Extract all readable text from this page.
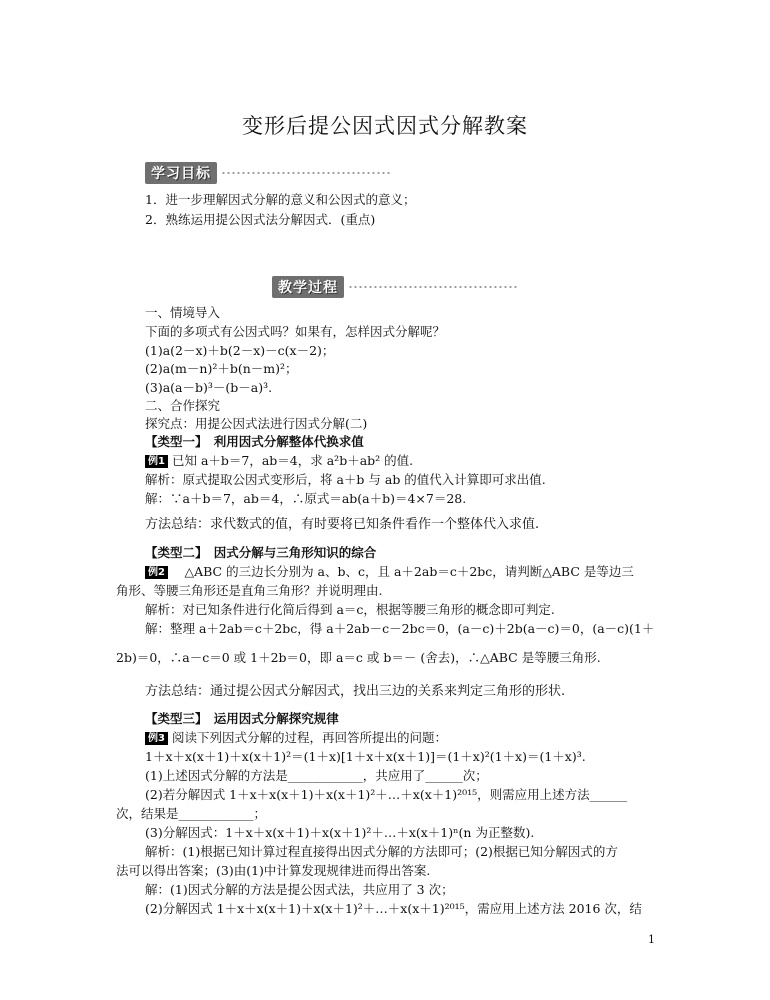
变形后提公因式因式分解教案
学习目标
1．进一步理解因式分解的意义和公因式的意义；
2．熟练运用提公因式法分解因式．(重点)
教学过程
一、情境导入
下面的多项式有公因式吗？如果有，怎样因式分解呢？
(1)a(2－x)＋b(2－x)－c(x－2)；
(2)a(m－n)²＋b(n－m)²；
(3)a(a－b)³－(b－a)³.
二、合作探究
探究点：用提公因式法进行因式分解(二)
【类型一】　利用因式分解整体代换求值
例1 已知 a＋b＝7，ab＝4，求 a²b＋ab² 的值.
解析：原式提取公因式变形后，将 a＋b 与 ab 的值代入计算即可求出值.
解：∵a＋b＝7，ab＝4，∴原式＝ab(a＋b)＝4×7＝28.
方法总结：求代数式的值，有时要将已知条件看作一个整体代入求值.
【类型二】　因式分解与三角形知识的综合
例2　△ABC 的三边长分别为 a、b、c，且 a＋2ab＝c＋2bc，请判断△ABC 是等边三
角形、等腰三角形还是直角三角形？并说明理由.
解析：对已知条件进行化简后得到 a＝c，根据等腰三角形的概念即可判定.
解：整理 a＋2ab＝c＋2bc，得 a＋2ab－c－2bc＝0，(a－c)＋2b(a－c)＝0，(a－c)(1＋
2b)＝0，∴a－c＝0 或 1＋2b＝0，即 a＝c 或 b＝－ (舍去)，∴△ABC 是等腰三角形.
方法总结：通过提公因式分解因式，找出三边的关系来判定三角形的形状.
【类型三】　运用因式分解探究规律
例3 阅读下列因式分解的过程，再回答所提出的问题：
1＋x＋x(x＋1)＋x(x＋1)²＝(1＋x)[1＋x＋x(x＋1)]＝(1＋x)²(1＋x)＝(1＋x)³.
(1)上述因式分解的方法是____________，共应用了______次；
(2)若分解因式 1＋x＋x(x＋1)＋x(x＋1)²＋…＋x(x＋1)²⁰¹⁵，则需应用上述方法______
次，结果是____________；
(3)分解因式：1＋x＋x(x＋1)＋x(x＋1)²＋…＋x(x＋1)ⁿ(n 为正整数).
解析：(1)根据已知计算过程直接得出因式分解的方法即可；(2)根据已知分解因式的方
法可以得出答案；(3)由(1)中计算发现规律进而得出答案.
解：(1)因式分解的方法是提公因式法，共应用了 3 次；
(2)分解因式 1＋x＋x(x＋1)＋x(x＋1)²＋…＋x(x＋1)²⁰¹⁵，需应用上述方法 2016 次，结
1
